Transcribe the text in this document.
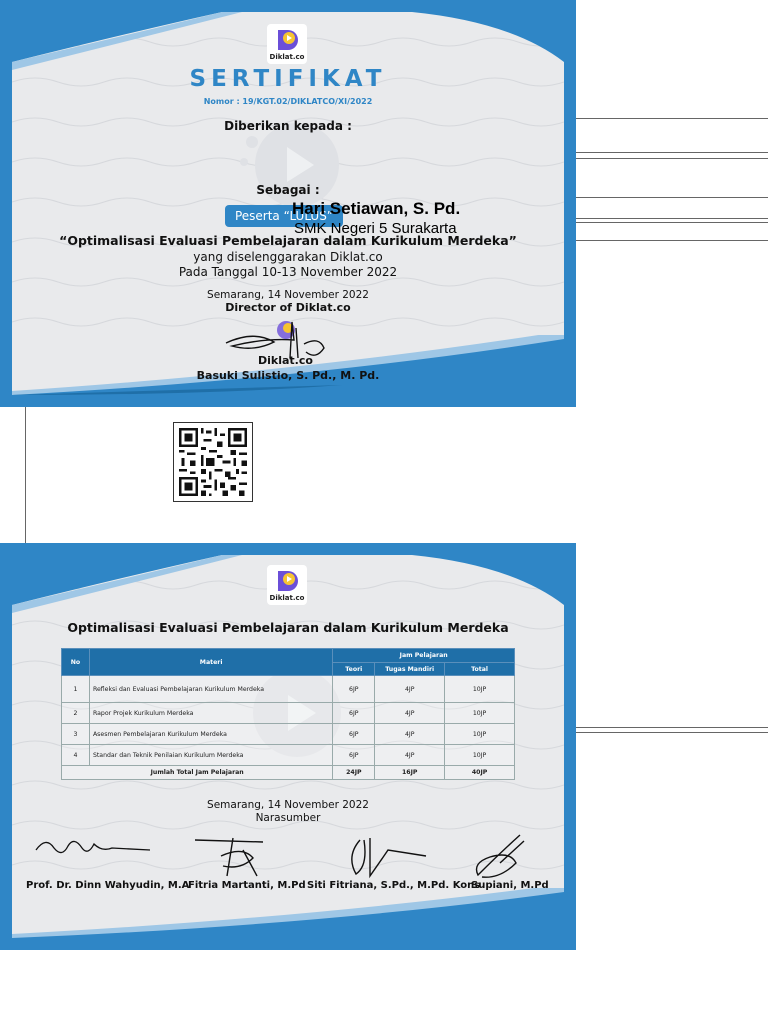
Diklat.co
SERTIFIKAT
Nomor : 19/KGT.02/DIKLATCO/XI/2022
Diberikan kepada :
Sebagai :
Peserta “LULUS”
“Optimalisasi Evaluasi Pembelajaran dalam Kurikulum Merdeka”
yang diselenggarakan Diklat.co
Pada Tanggal 10-13 November 2022
Semarang, 14 November 2022
Director of Diklat.co
Diklat.co
Basuki Sulistio, S. Pd., M. Pd.
Hari Setiawan, S. Pd.
SMK Negeri 5 Surakarta
Diklat.co
Optimalisasi Evaluasi Pembelajaran dalam Kurikulum Merdeka
No	Materi	Jam Pelajaran		
		Teori	Tugas Mandiri	Total
1	Refleksi dan Evaluasi Pembelajaran Kurikulum Merdeka	6JP	4JP	10JP
2	Rapor Projek Kurikulum Merdeka	6JP	4JP	10JP
3	Asesmen Pembelajaran Kurikulum Merdeka	6JP	4JP	10JP
4	Standar dan Teknik Penilaian Kurikulum Merdeka	6JP	4JP	10JP
Jumlah Total Jam Pelajaran		24JP	16JP	40JP
Semarang, 14 November 2022
Narasumber
Prof. Dr. Dinn Wahyudin, M.A
Fitria Martanti, M.Pd Siti Fitriana, S.Pd., M.Pd. Kons
Supiani, M.Pd
